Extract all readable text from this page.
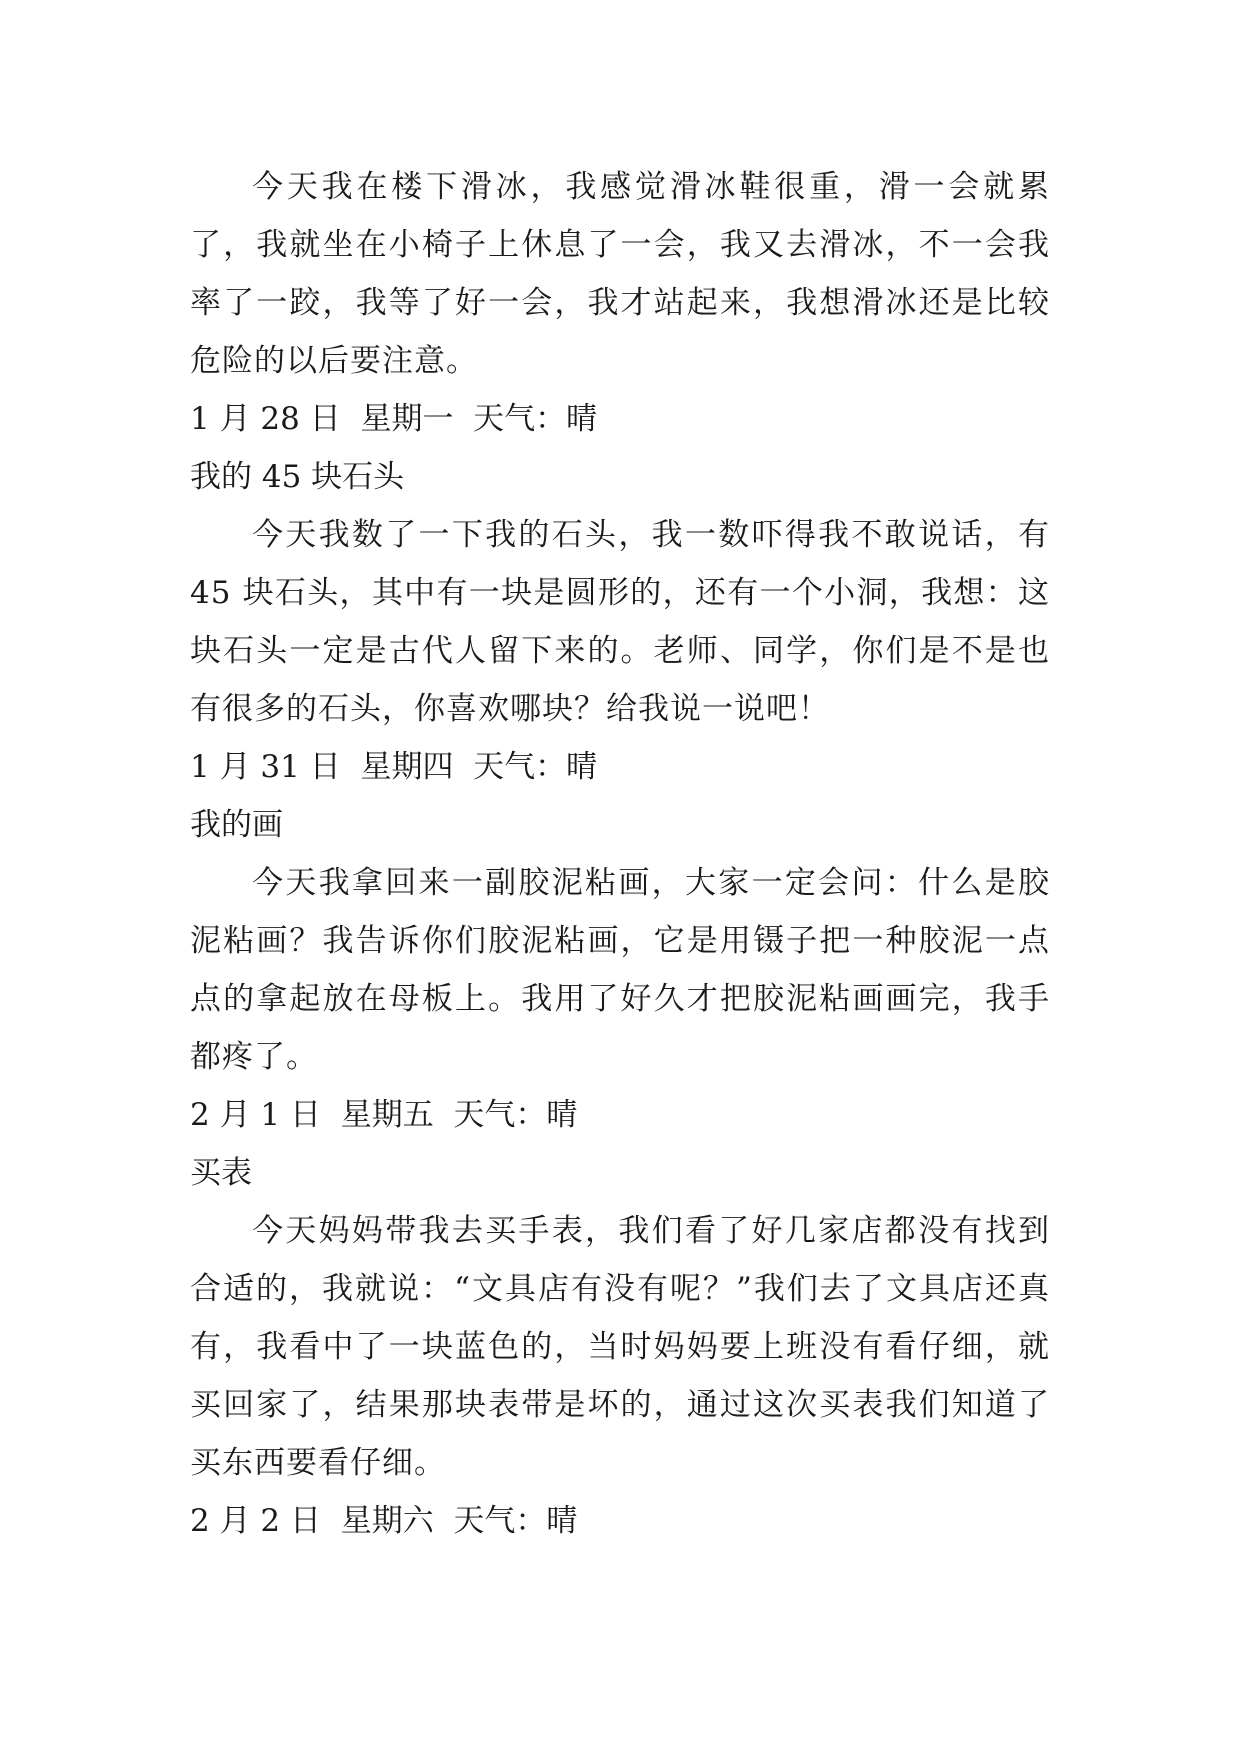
今天我在楼下滑冰，我感觉滑冰鞋很重，滑一会就累了，我就坐在小椅子上休息了一会，我又去滑冰，不一会我率了一跤，我等了好一会，我才站起来，我想滑冰还是比较危险的以后要注意。

1 月 28 日  星期一  天气：晴

我的 45 块石头

今天我数了一下我的石头，我一数吓得我不敢说话，有45 块石头，其中有一块是圆形的，还有一个小洞，我想：这块石头一定是古代人留下来的。老师、同学，你们是不是也有很多的石头，你喜欢哪块？给我说一说吧！

1 月 31 日  星期四  天气：晴

我的画

今天我拿回来一副胶泥粘画，大家一定会问：什么是胶泥粘画？我告诉你们胶泥粘画，它是用镊子把一种胶泥一点点的拿起放在母板上。我用了好久才把胶泥粘画画完，我手都疼了。

2 月 1 日  星期五  天气：晴

买表

今天妈妈带我去买手表，我们看了好几家店都没有找到合适的，我就说：“文具店有没有呢？”我们去了文具店还真有，我看中了一块蓝色的，当时妈妈要上班没有看仔细，就买回家了，结果那块表带是坏的，通过这次买表我们知道了买东西要看仔细。

2 月 2 日  星期六  天气：晴
